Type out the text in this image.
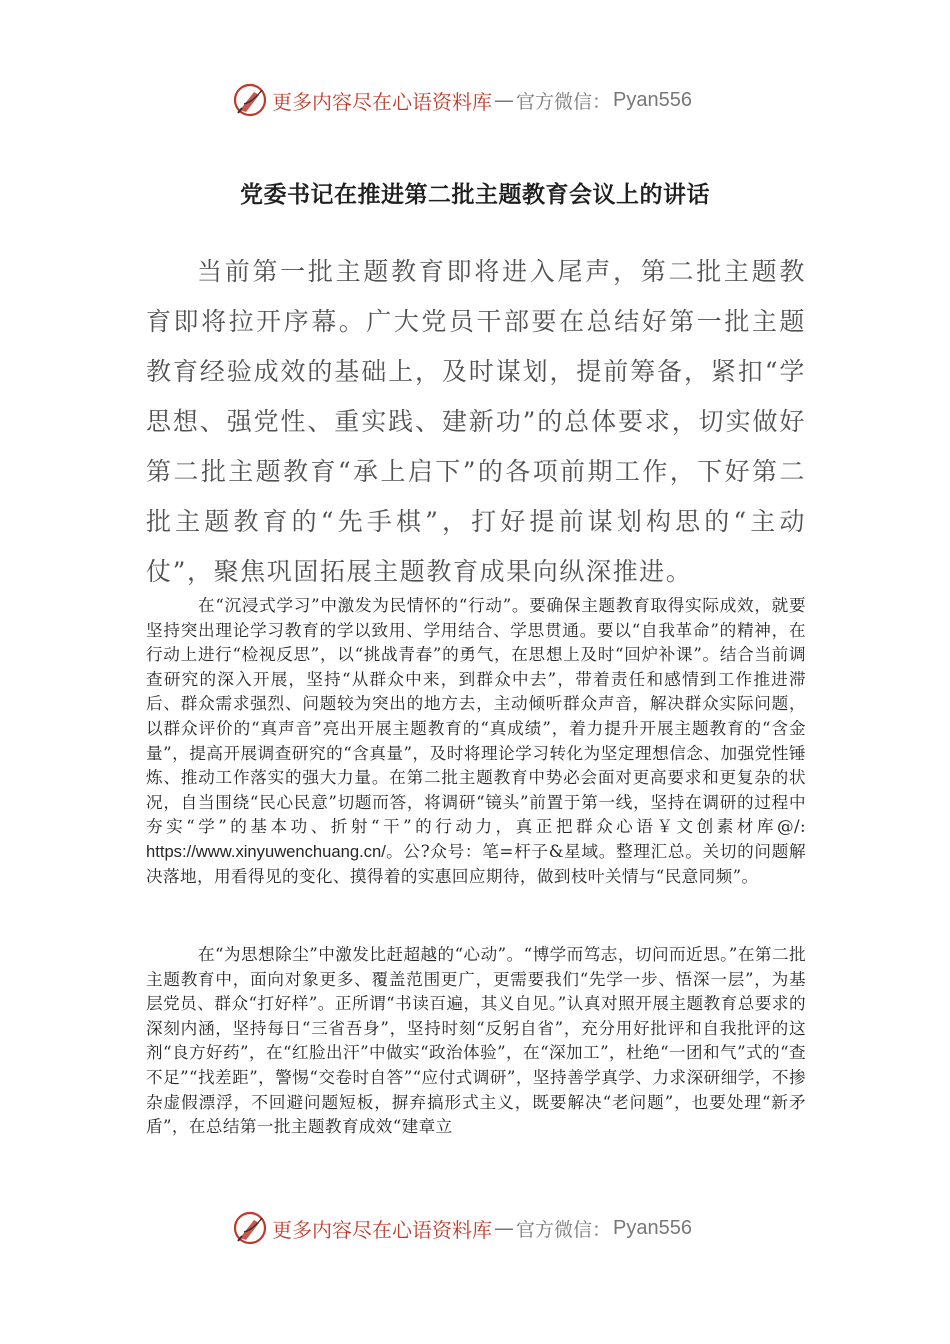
更多内容尽在心语资料库 — 官方微信： Pyan556
党委书记在推进第二批主题教育会议上的讲话

当前第一批主题教育即将进入尾声，第二批主题教育即将拉开序幕。广大党员干部要在总结好第一批主题教育经验成效的基础上，及时谋划，提前筹备，紧扣“学思想、强党性、重实践、建新功”的总体要求，切实做好第二批主题教育“承上启下”的各项前期工作，下好第二批主题教育的“先手棋”，打好提前谋划构思的“主动仗”，聚焦巩固拓展主题教育成果向纵深推进。

在“沉浸式学习”中激发为民情怀的“行动”。要确保主题教育取得实际成效，就要坚持突出理论学习教育的学以致用、学用结合、学思贯通。要以“自我革命”的精神，在行动上进行“检视反思”，以“挑战青春”的勇气，在思想上及时“回炉补课”。结合当前调查研究的深入开展，坚持“从群众中来，到群众中去”，带着责任和感情到工作推进滞后、群众需求强烈、问题较为突出的地方去，主动倾听群众声音，解决群众实际问题，以群众评价的“真声音”亮出开展主题教育的“真成绩”，着力提升开展主题教育的“含金量”，提高开展调查研究的“含真量”，及时将理论学习转化为坚定理想信念、加强党性锤炼、推动工作落实的强大力量。在第二批主题教育中势必会面对更高要求和更复杂的状况，自当围绕“民心民意”切题而答，将调研“镜头”前置于第一线，坚持在调研的过程中夯实“学”的基本功、折射“干”的行动力，真正把群众心语￥文创素材库@/: https://www.xinyuwenchuang.cn/。公?众号：笔=杆子&星域。整理汇总。关切的问题解决落地，用看得见的变化、摸得着的实惠回应期待，做到枝叶关情与“民意同频”。

在“为思想除尘”中激发比赶超越的“心动”。“博学而笃志，切问而近思。”在第二批主题教育中，面向对象更多、覆盖范围更广，更需要我们“先学一步、悟深一层”，为基层党员、群众“打好样”。正所谓“书读百遍，其义自见。”认真对照开展主题教育总要求的深刻内涵，坚持每日“三省吾身”，坚持时刻“反躬自省”，充分用好批评和自我批评的这剂“良方好药”，在“红脸出汗”中做实“政治体验”，在“深加工”，杜绝“一团和气”式的“查不足”“找差距”，警惕“交卷时自答”“应付式调研”，坚持善学真学、力求深研细学，不掺杂虚假漂浮，不回避问题短板，摒弃搞形式主义，既要解决“老问题”，也要处理“新矛盾”，在总结第一批主题教育成效“建章立

更多内容尽在心语资料库 — 官方微信： Pyan556
